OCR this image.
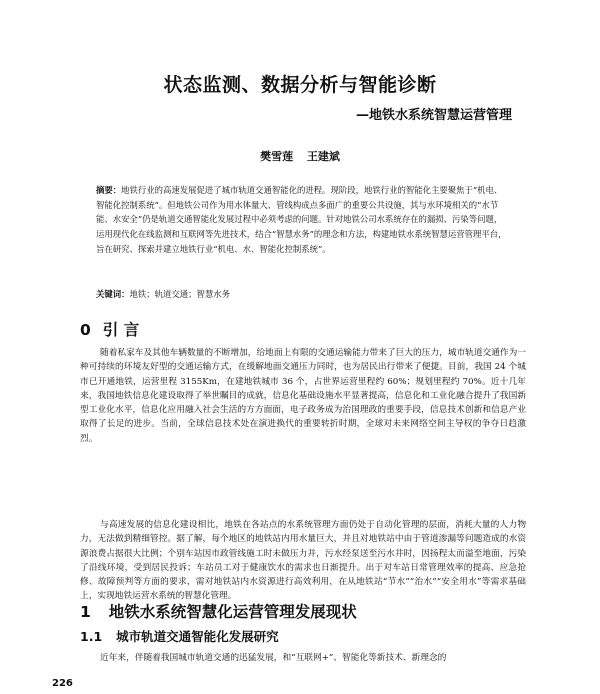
状态监测、数据分析与智能诊断
—地铁水系统智慧运营管理
樊雪莲 王建斌
摘要：地铁行业的高速发展促进了城市轨道交通智能化的进程。现阶段，地铁行业的智能化主要聚焦于“机电、智能化控制系统”。但地铁公司作为用水体量大、管线构成点多面广的重要公共设施，其与水环境相关的“水节能、水安全”仍是轨道交通智能化发展过程中必须考虑的问题。针对地铁公司水系统存在的漏损、污染等问题，运用现代化在线监测和互联网等先进技术，结合“智慧水务”的理念和方法，构建地铁水系统智慧运营管理平台，旨在研究、探索并建立地铁行业“机电、水、智能化控制系统”。
关键词：地铁；轨道交通；智慧水务
0 引 言
随着私家车及其他车辆数量的不断增加，给地面上有限的交通运输能力带来了巨大的压力，城市轨道交通作为一种可持续的环境友好型的交通运输方式，在缓解地面交通压力同时，也为居民出行带来了便捷。目前，我国 24 个城市已开通地铁，运营里程 3155Km，在建地铁城市 36 个，占世界运营里程约 60%；规划里程约 70%。近十几年来，我国地铁信息化建设取得了举世瞩目的成就，信息化基础设施水平显著提高，信息化和工业化融合提升了我国新型工业化水平，信息化应用融入社会生活的方方面面，电子政务成为治国理政的重要手段，信息技术创新和信息产业取得了长足的进步。当前，全球信息技术处在演进换代的重要转折时期，全球对未来网络空间主导权的争夺日趋激烈。
与高速发展的信息化建设相比，地铁在各站点的水系统管理方面仍处于自动化管理的层面，消耗大量的人力物力，无法做到精细管控。据了解，每个地区的地铁站内用水量巨大，并且对地铁站中由于管道渗漏等问题造成的水资源浪费占据很大比例；个别车站因市政管线施工时未做压力并，污水经泵送至污水井时，因扬程太而溢至地面，污染了沿线环境，受到居民投诉；车站员工对于健康饮水的需求也日渐提升。出于对车站日常管理效率的提高、应急抢修、故障预判等方面的要求，需对地铁站内水资源进行高效利用，在从地铁站“节水”“治水”“安全用水”等需求基础上，实现地铁运营水系统的智慧化管理。
1 地铁水系统智慧化运营管理发展现状
1.1 城市轨道交通智能化发展研究
近年来，伴随着我国城市轨道交通的迅猛发展，和“互联网+”、智能化等新技术、新理念的
226
